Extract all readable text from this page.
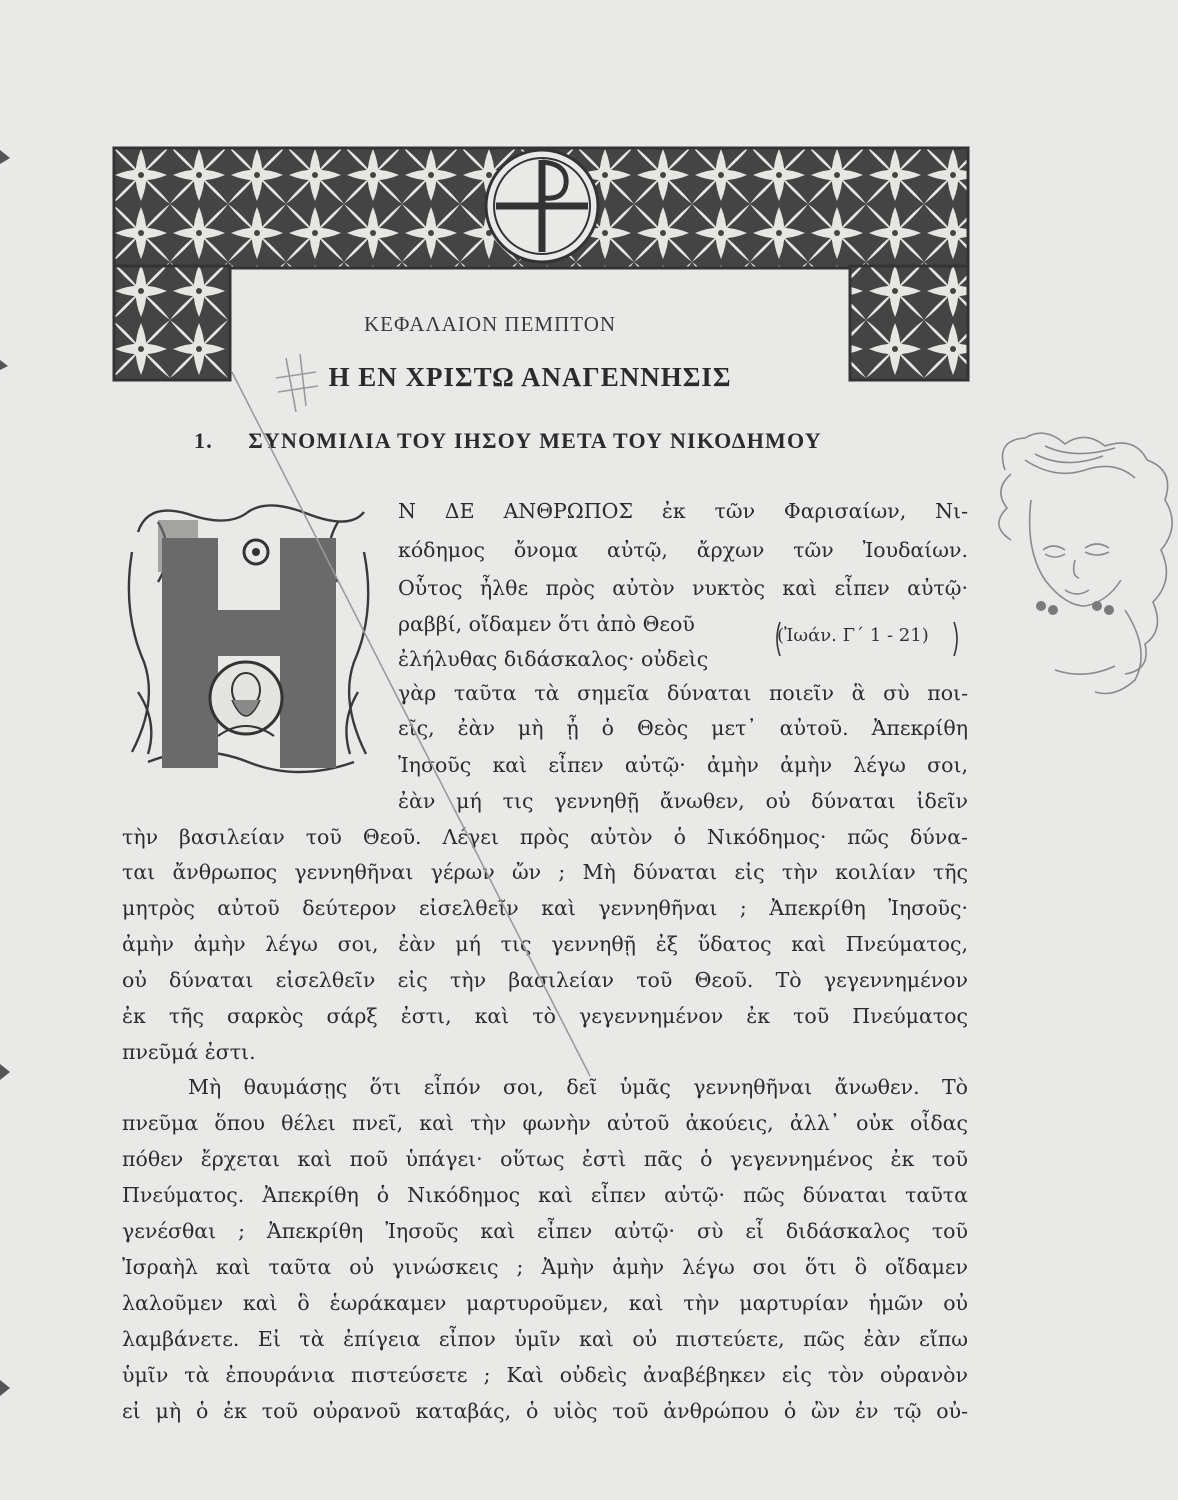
ΚΕΦΑΛΑΙΟΝ ΠΕΜΠΤΟΝ
Η ΕΝ ΧΡΙΣΤΩ ΑΝΑΓΕΝΝΗΣΙΣ
1. ΣΥΝΟΜΙΛΙΑ ΤΟΥ ΙΗΣΟΥ ΜΕΤΑ ΤΟΥ ΝΙΚΟΔΗΜΟΥ
(Ἰωάν. Γ΄ 1 - 21)
Ν ΔΕ ΑΝΘΡΩΠΟΣ ἐκ τῶν Φαρισαίων, Νι-
κόδημος ὄνομα αὐτῷ, ἄρχων τῶν Ἰουδαίων.
Οὗτος ἦλθε πρὸς αὐτὸν νυκτὸς καὶ εἶπεν αὐτῷ·
ραββί, οἴδαμεν ὅτι ἀπὸ Θεοῦ
ἐλήλυθας διδάσκαλος· οὐδεὶς
γὰρ ταῦτα τὰ σημεῖα δύναται ποιεῖν ἃ σὺ ποι-
εῖς, ἐὰν μὴ ᾖ ὁ Θεὸς μετ᾽ αὐτοῦ. Ἀπεκρίθη
Ἰησοῦς καὶ εἶπεν αὐτῷ· ἀμὴν ἀμὴν λέγω σοι,
ἐὰν μή τις γεννηθῇ ἄνωθεν, οὐ δύναται ἰδεῖν
τὴν βασιλείαν τοῦ Θεοῦ. Λέγει πρὸς αὐτὸν ὁ Νικόδημος· πῶς δύνα-
ται ἄνθρωπος γεννηθῆναι γέρων ὤν ; Μὴ δύναται εἰς τὴν κοιλίαν τῆς
μητρὸς αὐτοῦ δεύτερον εἰσελθεῖν καὶ γεννηθῆναι ; Ἀπεκρίθη Ἰησοῦς·
ἀμὴν ἀμὴν λέγω σοι, ἐὰν μή τις γεννηθῇ ἐξ ὕδατος καὶ Πνεύματος,
οὐ δύναται εἰσελθεῖν εἰς τὴν βασιλείαν τοῦ Θεοῦ. Τὸ γεγεννημένον
ἐκ τῆς σαρκὸς σάρξ ἐστι, καὶ τὸ γεγεννημένον ἐκ τοῦ Πνεύματος
πνεῦμά ἐστι.
Μὴ θαυμάσῃς ὅτι εἶπόν σοι, δεῖ ὑμᾶς γεννηθῆναι ἄνωθεν. Τὸ
πνεῦμα ὅπου θέλει πνεῖ, καὶ τὴν φωνὴν αὐτοῦ ἀκούεις, ἀλλ᾽ οὐκ οἶδας
πόθεν ἔρχεται καὶ ποῦ ὑπάγει· οὕτως ἐστὶ πᾶς ὁ γεγεννημένος ἐκ τοῦ
Πνεύματος. Ἀπεκρίθη ὁ Νικόδημος καὶ εἶπεν αὐτῷ· πῶς δύναται ταῦτα
γενέσθαι ; Ἀπεκρίθη Ἰησοῦς καὶ εἶπεν αὐτῷ· σὺ εἶ διδάσκαλος τοῦ
Ἰσραὴλ καὶ ταῦτα οὐ γινώσκεις ; Ἀμὴν ἀμὴν λέγω σοι ὅτι ὃ οἴδαμεν
λαλοῦμεν καὶ ὃ ἑωράκαμεν μαρτυροῦμεν, καὶ τὴν μαρτυρίαν ἡμῶν οὐ
λαμβάνετε. Εἰ τὰ ἐπίγεια εἶπον ὑμῖν καὶ οὐ πιστεύετε, πῶς ἐὰν εἴπω
ὑμῖν τὰ ἐπουράνια πιστεύσετε ; Καὶ οὐδεὶς ἀναβέβηκεν εἰς τὸν οὐρανὸν
εἰ μὴ ὁ ἐκ τοῦ οὐρανοῦ καταβάς, ὁ υἱὸς τοῦ ἀνθρώπου ὁ ὢν ἐν τῷ οὐ-
